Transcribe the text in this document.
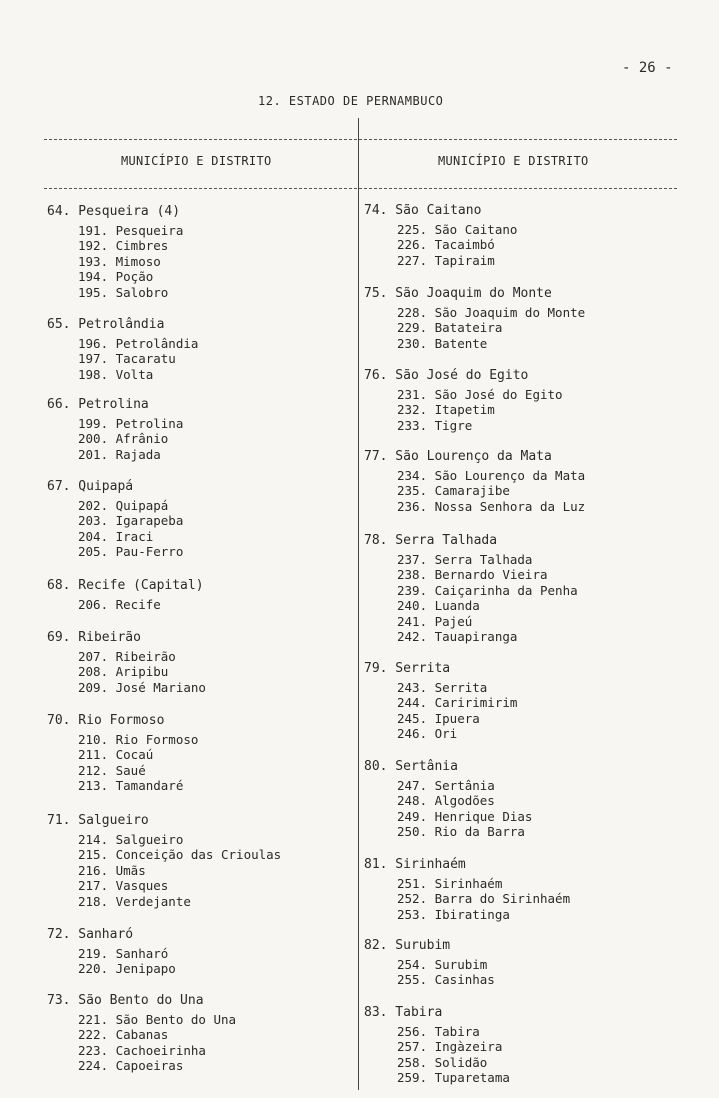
- 26 -
12. ESTADO DE PERNAMBUCO
MUNICÍPIO E DISTRITO	MUNICÍPIO E DISTRITO
64. Pesqueira (4)
191. Pesqueira
192. Cimbres
193. Mimoso
194. Poção
195. Salobro
65. Petrolândia
196. Petrolândia
197. Tacaratu
198. Volta
66. Petrolina
199. Petrolina
200. Afrânio
201. Rajada
67. Quipapá
202. Quipapá
203. Igarapeba
204. Iraci
205. Pau-Ferro
68. Recife (Capital)
206. Recife
69. Ribeirão
207. Ribeirão
208. Aripibu
209. José Mariano
70. Rio Formoso
210. Rio Formoso
211. Cocaú
212. Saué
213. Tamandaré
71. Salgueiro
214. Salgueiro
215. Conceição das Crioulas
216. Umãs
217. Vasques
218. Verdejante
72. Sanharó
219. Sanharó
220. Jenipapo
73. São Bento do Una
221. São Bento do Una
222. Cabanas
223. Cachoeirinha
224. Capoeiras
74. São Caitano
225. São Caitano
226. Tacaimbó
227. Tapiraim
75. São Joaquim do Monte
228. São Joaquim do Monte
229. Batateira
230. Batente
76. São José do Egito
231. São José do Egito
232. Itapetim
233. Tigre
77. São Lourenço da Mata
234. São Lourenço da Mata
235. Camarajibe
236. Nossa Senhora da Luz
78. Serra Talhada
237. Serra Talhada
238. Bernardo Vieira
239. Caiçarinha da Penha
240. Luanda
241. Pajeú
242. Tauapiranga
79. Serrita
243. Serrita
244. Caririmirim
245. Ipuera
246. Ori
80. Sertânia
247. Sertânia
248. Algodões
249. Henrique Dias
250. Rio da Barra
81. Sirinhaém
251. Sirinhaém
252. Barra do Sirinhaém
253. Ibiratinga
82. Surubim
254. Surubim
255. Casinhas
83. Tabira
256. Tabira
257. Ingàzeira
258. Solidão
259. Tuparetama
